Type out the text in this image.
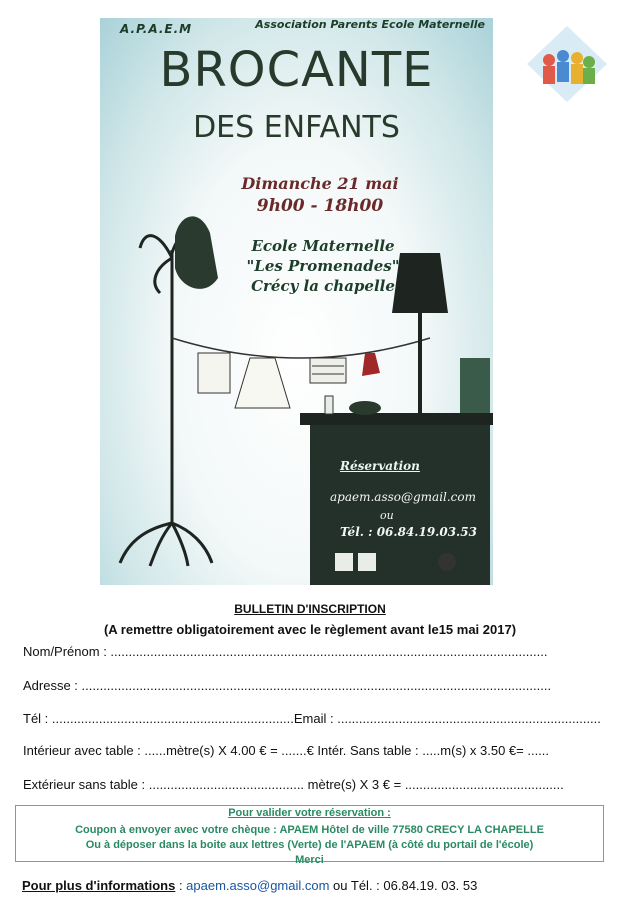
A.P.A.E.M	Association Parents Ecole Maternelle
BROCANTE
DES ENFANTS
Dimanche 21 mai
9h00 - 18h00
Ecole Maternelle
"Les Promenades"
Crécy la chapelle
Réservation
apaem.asso@gmail.com
ou
Tél. : 06.84.19.03.53
BULLETIN D'INSCRIPTION
(A remettre obligatoirement avec le règlement avant le15 mai 2017)
Nom/Prénom : .........................................................................................................................
Adresse : ..................................................................................................................................
Tél : ...................................................................Email : .........................................................................
Intérieur avec table : ......mètre(s) X 4.00 € = .......€ Intér. Sans table : .....m(s) x 3.50 €= ......
Extérieur sans table : ........................................... mètre(s) X 3 € = ............................................
Pour valider votre réservation :
Coupon à envoyer avec votre chèque : APAEM Hôtel de ville 77580 CRECY LA CHAPELLE
Ou à déposer dans la boite aux lettres (Verte) de l'APAEM (à côté du portail de l'école)
Merci
Pour plus d'informations : apaem.asso@gmail.com ou Tél. : 06.84.19. 03. 53
